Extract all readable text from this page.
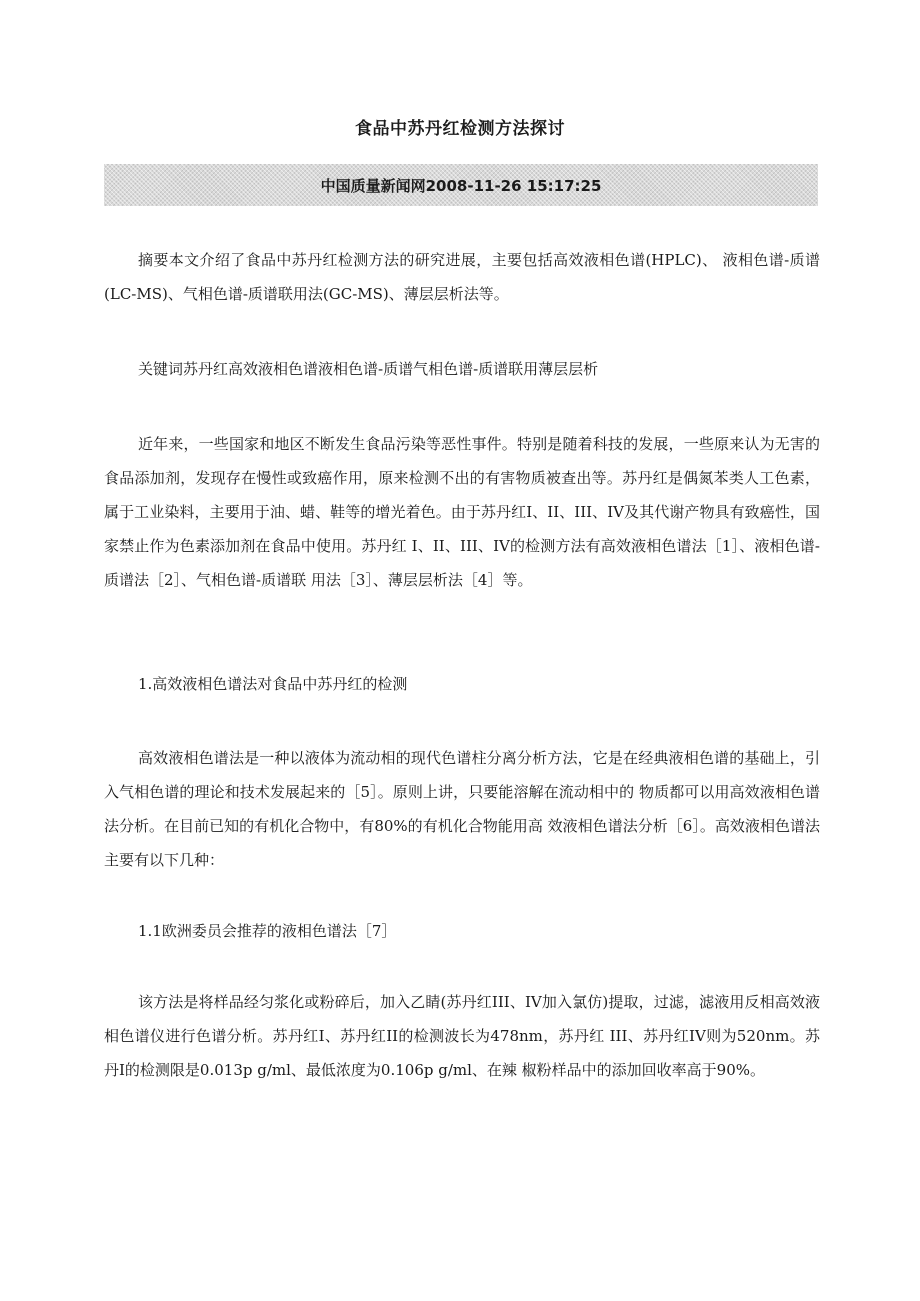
食品中苏丹红检测方法探讨
中国质量新闻网2008-11-26 15:17:25

摘要本文介绍了食品中苏丹红检测方法的研究进展，主要包括高效液相色谱(HPLC)、 液相色谱-质谱(LC-MS)、气相色谱-质谱联用法(GC-MS)、薄层层析法等。

关键词苏丹红高效液相色谱液相色谱-质谱气相色谱-质谱联用薄层层析

近年来，一些国家和地区不断发生食品污染等恶性事件。特别是随着科技的发展，一些原来认为无害的食品添加剂，发现存在慢性或致癌作用，原来检测不出的有害物质被查出等。苏丹红是偶氮苯类人工色素，属于工业染料，主要用于油、蜡、鞋等的增光着色。由于苏丹红I、II、III、IV及其代谢产物具有致癌性，国家禁止作为色素添加剂在食品中使用。苏丹红 I、II、III、IV的检测方法有高效液相色谱法［1］、液相色谱-质谱法［2］、气相色谱-质谱联 用法［3］、薄层层析法［4］等。

1.高效液相色谱法对食品中苏丹红的检测

高效液相色谱法是一种以液体为流动相的现代色谱柱分离分析方法，它是在经典液相色谱的基础上，引入气相色谱的理论和技术发展起来的［5］。原则上讲，只要能溶解在流动相中的 物质都可以用高效液相色谱法分析。在目前已知的有机化合物中，有80%的有机化合物能用高 效液相色谱法分析［6］。高效液相色谱法主要有以下几种：

1.1欧洲委员会推荐的液相色谱法［7］

该方法是将样品经匀浆化或粉碎后，加入乙睛(苏丹红III、IV加入氯仿)提取，过滤，滤液用反相高效液相色谱仪进行色谱分析。苏丹红I、苏丹红II的检测波长为478nm，苏丹红 III、苏丹红IV则为520nm。苏丹I的检测限是0.013p g/ml、最低浓度为0.106p g/ml、在辣 椒粉样品中的添加回收率高于90%。
